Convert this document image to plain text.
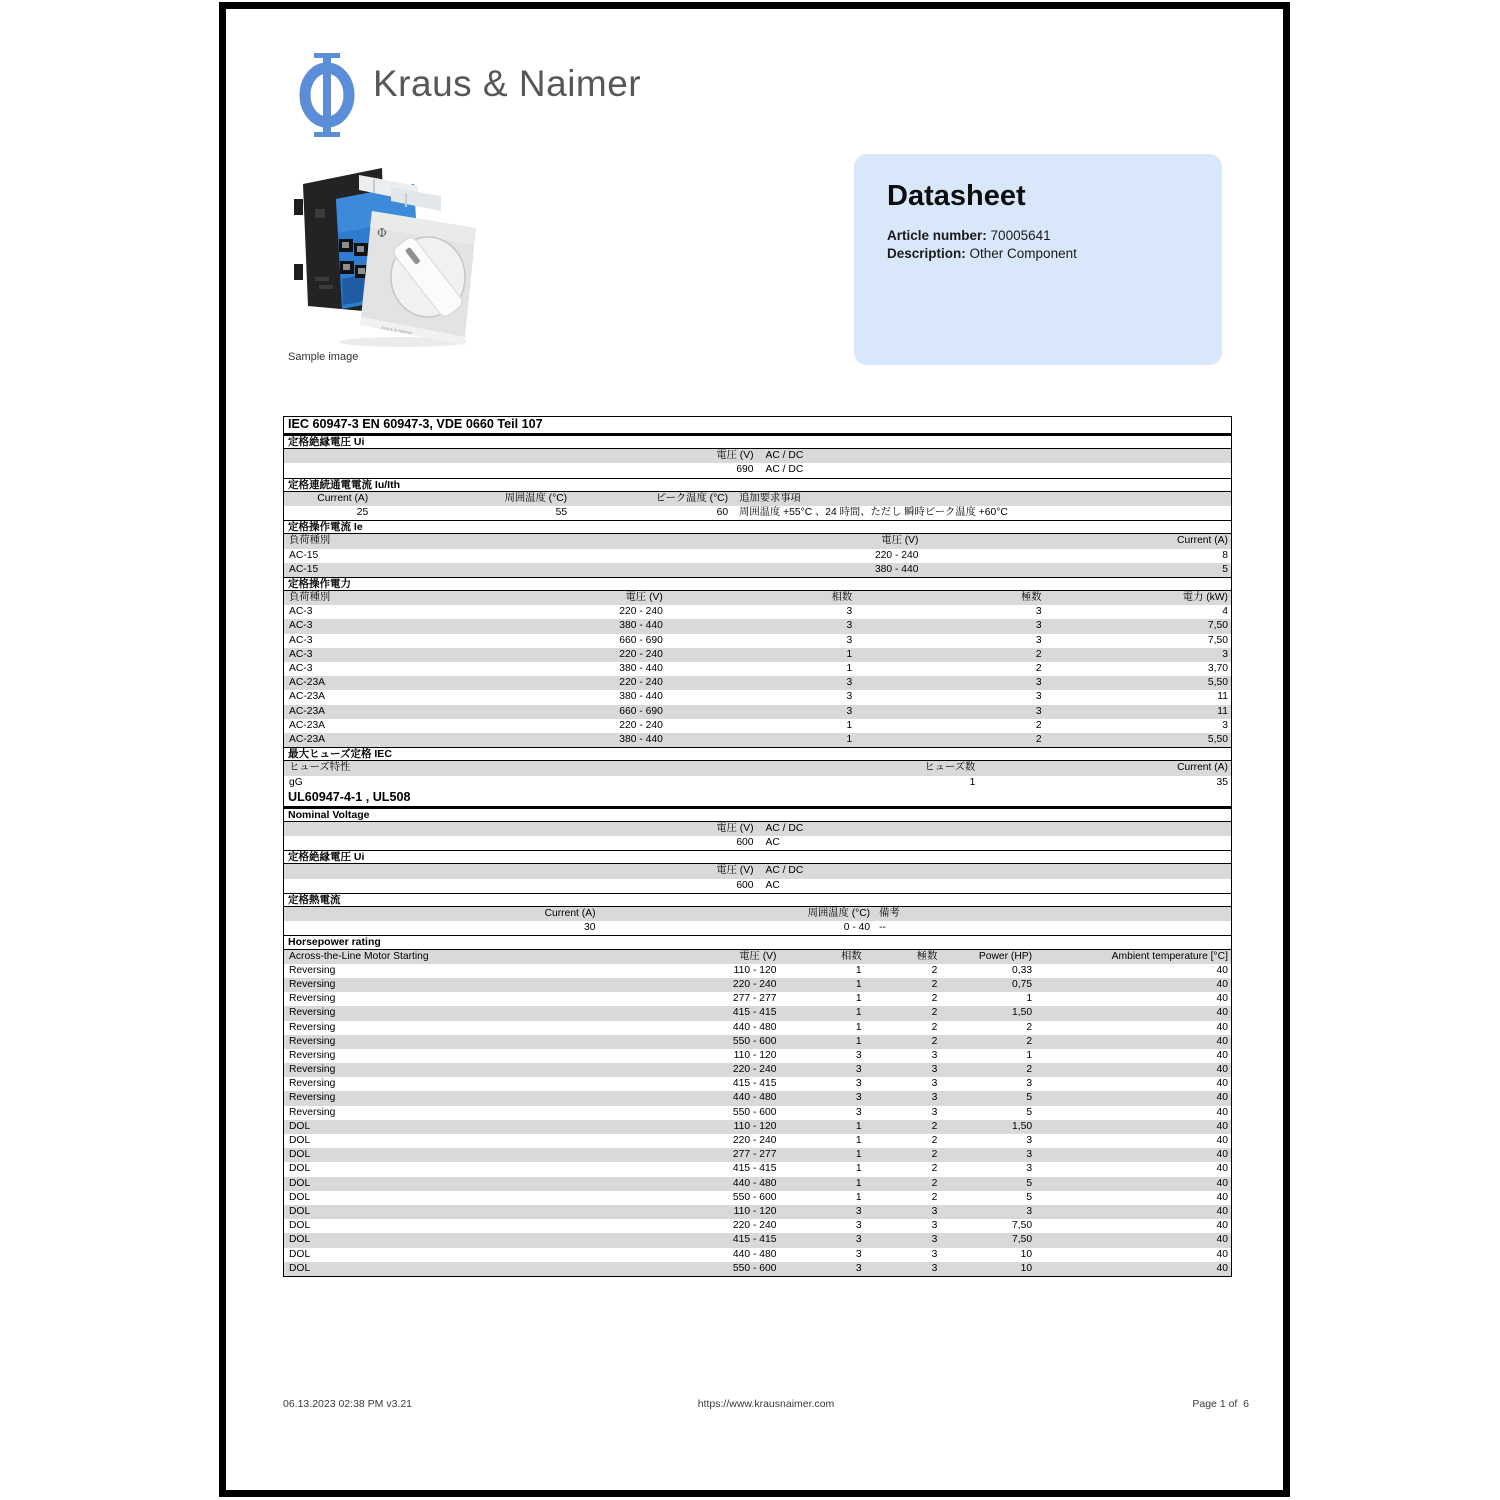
Kraus & Naimer
Φ
Kraus & Naimer
Sample image
Datasheet
Article number: 70005641
Description: Other Component
IEC 60947-3 EN 60947-3, VDE 0660 Teil 107
定格絶縁電圧 Ui
電圧 (V)	AC / DC
690	AC / DC
定格連続通電電流 Iu/Ith
Current (A)	周囲温度 (°C)	ピーク温度 (°C)	追加要求事項
25	55	60	周囲温度 +55°C 、24 時間、ただし 瞬時ピーク温度 +60°C
定格操作電流 Ie
負荷種別	電圧 (V)	Current (A)
AC-15	220 - 240	8
AC-15	380 - 440	5
定格操作電力
負荷種別	電圧 (V)	相数	極数	電力 (kW)
AC-3	220 - 240	3	3	4
AC-3	380 - 440	3	3	7,50
AC-3	660 - 690	3	3	7,50
AC-3	220 - 240	1	2	3
AC-3	380 - 440	1	2	3,70
AC-23A	220 - 240	3	3	5,50
AC-23A	380 - 440	3	3	11
AC-23A	660 - 690	3	3	11
AC-23A	220 - 240	1	2	3
AC-23A	380 - 440	1	2	5,50
最大ヒューズ定格 IEC
ヒューズ特性	ヒューズ数	Current (A)
gG	1	35
UL60947-4-1 , UL508
Nominal Voltage
電圧 (V)	AC / DC
600	AC
定格絶縁電圧 Ui
電圧 (V)	AC / DC
600	AC
定格熱電流
Current (A)	周囲温度 (°C) 備考
30	0 - 40 --
Horsepower rating
Across-the-Line Motor Starting	電圧 (V)	相数	極数	Power (HP)	Ambient temperature [°C]
Reversing	110 - 120	1	2	0,33	40
Reversing	220 - 240	1	2	0,75	40
Reversing	277 - 277	1	2	1	40
Reversing	415 - 415	1	2	1,50	40
Reversing	440 - 480	1	2	2	40
Reversing	550 - 600	1	2	2	40
Reversing	110 - 120	3	3	1	40
Reversing	220 - 240	3	3	2	40
Reversing	415 - 415	3	3	3	40
Reversing	440 - 480	3	3	5	40
Reversing	550 - 600	3	3	5	40
DOL	110 - 120	1	2	1,50	40
DOL	220 - 240	1	2	3	40
DOL	277 - 277	1	2	3	40
DOL	415 - 415	1	2	3	40
DOL	440 - 480	1	2	5	40
DOL	550 - 600	1	2	5	40
DOL	110 - 120	3	3	3	40
DOL	220 - 240	3	3	7,50	40
DOL	415 - 415	3	3	7,50	40
DOL	440 - 480	3	3	10	40
DOL	550 - 600	3	3	10	40
06.13.2023 02:38 PM v3.21	https://www.krausnaimer.com	Page 1 of  6
